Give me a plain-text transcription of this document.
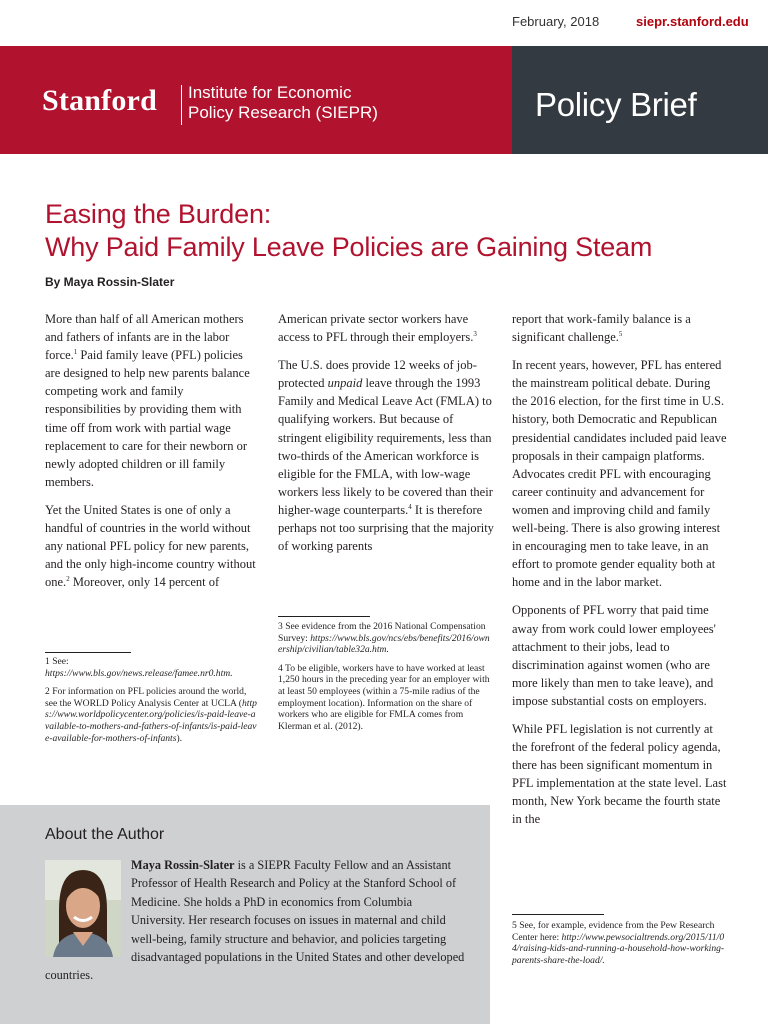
February, 2018	siepr.stanford.edu
Stanford Institute for Economic
Policy Research (SIEPR)	Policy Brief
Easing the Burden:
Why Paid Family Leave Policies are Gaining Steam
By Maya Rossin-Slater

More than half of all American mothers and fathers of infants are in the labor force.$^1$ Paid family leave (PFL) policies are designed to help new parents balance competing work and family responsibilities by providing them with time off from work with partial wage replacement to care for their newborn or newly adopted children or ill family members.

Yet the United States is one of only a handful of countries in the world without any national PFL policy for new parents, and the only high-income country without one.$^2$ Moreover, only 14 percent of

American private sector workers have access to PFL through their employers.$^3$

The U.S. does provide 12 weeks of job-protected unpaid leave through the 1993 Family and Medical Leave Act (FMLA) to qualifying workers. But because of stringent eligibility requirements, less than two-thirds of the American workforce is eligible for the FMLA, with low-wage workers less likely to be covered than their higher-wage counterparts.$^4$ It is therefore perhaps not too surprising that the majority of working parents

report that work-family balance is a significant challenge.$^5$

In recent years, however, PFL has entered the mainstream political debate. During the 2016 election, for the first time in U.S. history, both Democratic and Republican presidential candidates included paid leave proposals in their campaign platforms. Advocates credit PFL with encouraging career continuity and advancement for women and improving child and family well-being. There is also growing interest in encouraging men to take leave, in an effort to promote gender equality both at home and in the labor market.

Opponents of PFL worry that paid time away from work could lower employees' attachment to their jobs, lead to discrimination against women (who are more likely than men to take leave), and impose substantial costs on employers.

While PFL legislation is not currently at the forefront of the federal policy agenda, there has been significant momentum in PFL implementation at the state level. Last month, New York became the fourth state in the

1 See: https://www.bls.gov/news.release/famee.nr0.htm.

2 For information on PFL policies around the world, see the WORLD Policy Analysis Center at UCLA (https://www.worldpolicycenter.org/policies/is-paid-leave-available-to-mothers-and-fathers-of-infants/is-paid-leave-available-for-mothers-of-infants).

3 See evidence from the 2016 National Compensation Survey: https://www.bls.gov/ncs/ebs/benefits/2016/ownership/civilian/table32a.htm.

4 To be eligible, workers have to have worked at least 1,250 hours in the preceding year for an employer with at least 50 employees (within a 75-mile radius of the employment location). Information on the share of workers who are eligible for FMLA comes from Klerman et al. (2012).

5 See, for example, evidence from the Pew Research Center here: http://www.pewsocialtrends.org/2015/11/04/raising-kids-and-running-a-household-how-working-parents-share-the-load/.

About the Author
Maya Rossin-Slater is a SIEPR Faculty Fellow and an Assistant Professor of Health Research and Policy at the Stanford School of Medicine. She holds a PhD in economics from Columbia University. Her research focuses on issues in maternal and child well-being, family structure and behavior, and policies targeting disadvantaged populations in the United States and other developed countries.
